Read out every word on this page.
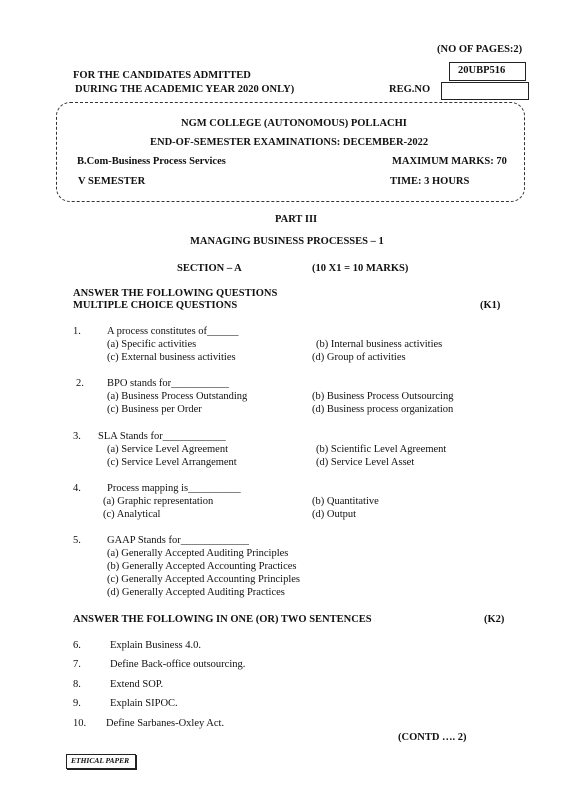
(NO OF PAGES:2)
20UBP516
FOR THE CANDIDATES ADMITTED
DURING THE ACADEMIC YEAR 2020 ONLY)	REG.NO
NGM COLLEGE (AUTONOMOUS) POLLACHI
END-OF-SEMESTER EXAMINATIONS: DECEMBER-2022
B.Com-Business Process Services	MAXIMUM MARKS: 70
V SEMESTER	TIME: 3 HOURS
PART III
MANAGING BUSINESS PROCESSES – 1
SECTION – A	(10 X1 = 10 MARKS)
ANSWER THE FOLLOWING QUESTIONS
MULTIPLE CHOICE QUESTIONS	(K1)
1. A process constitutes of______
(a) Specific activities	(b) Internal business activities
(c) External business activities	(d) Group of activities
2. BPO stands for___________
(a) Business Process Outstanding	(b) Business Process Outsourcing
(c) Business per Order	(d) Business process organization
3. SLA Stands for____________
(a) Service Level Agreement	(b) Scientific Level Agreement
(c) Service Level Arrangement	(d) Service Level Asset
4. Process mapping is__________
(a) Graphic representation	(b) Quantitative
(c) Analytical	(d) Output
5. GAAP Stands for_____________
(a) Generally Accepted Auditing Principles
(b) Generally Accepted Accounting Practices
(c) Generally Accepted Accounting Principles
(d) Generally Accepted Auditing Practices
ANSWER THE FOLLOWING IN ONE (OR) TWO SENTENCES	(K2)
6.	Explain Business 4.0.
7.	Define Back-office outsourcing.
8.	Extend SOP.
9.	Explain SIPOC.
10. Define Sarbanes-Oxley Act.
(CONTD …. 2)
ETHICAL PAPER
